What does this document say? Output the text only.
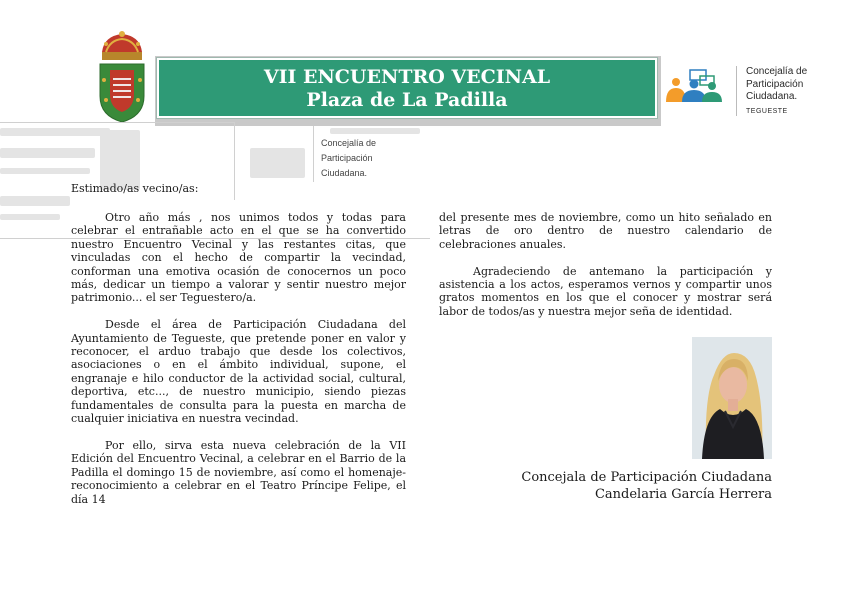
VII ENCUENTRO VECINAL
Plaza de La Padilla
Concejalía de
Participación
Ciudadana.
TEGUESTE
Concejalía de
Participación
Ciudadana.
Estimado/as vecino/as:

Otro año más , nos unimos todos y todas para celebrar el entrañable acto en el que se ha convertido nuestro Encuentro Vecinal y las restantes citas, que vinculadas con el hecho de compartir la vecindad, conforman una emotiva ocasión de conocernos un poco más, dedicar un tiempo a valorar y sentir nuestro mejor patrimonio... el ser Teguestero/a.

Desde el área de Participación Ciudadana del Ayuntamiento de Tegueste, que pretende poner en valor y reconocer, el arduo trabajo que desde los colectivos, asociaciones o en el ámbito individual, supone, el engranaje e hilo conductor de la actividad social, cultural, deportiva, etc..., de nuestro municipio, siendo piezas fundamentales de consulta para la puesta en marcha de cualquier iniciativa en nuestra vecindad.

Por ello, sirva esta nueva celebración de la VII Edición del Encuentro Vecinal, a celebrar en el Barrio de la Padilla el domingo 15 de noviembre, así como el homenaje-reconocimiento a celebrar en el Teatro Príncipe Felipe, el día 14

del presente mes de noviembre, como un hito señalado en letras de oro dentro de nuestro calendario de celebraciones anuales.

Agradeciendo de antemano la participación y asistencia a los actos, esperamos vernos y compartir unos gratos momentos en los que el conocer y mostrar será labor de todos/as y nuestra mejor seña de identidad.

Concejala de Participación Ciudadana
Candelaria García Herrera
